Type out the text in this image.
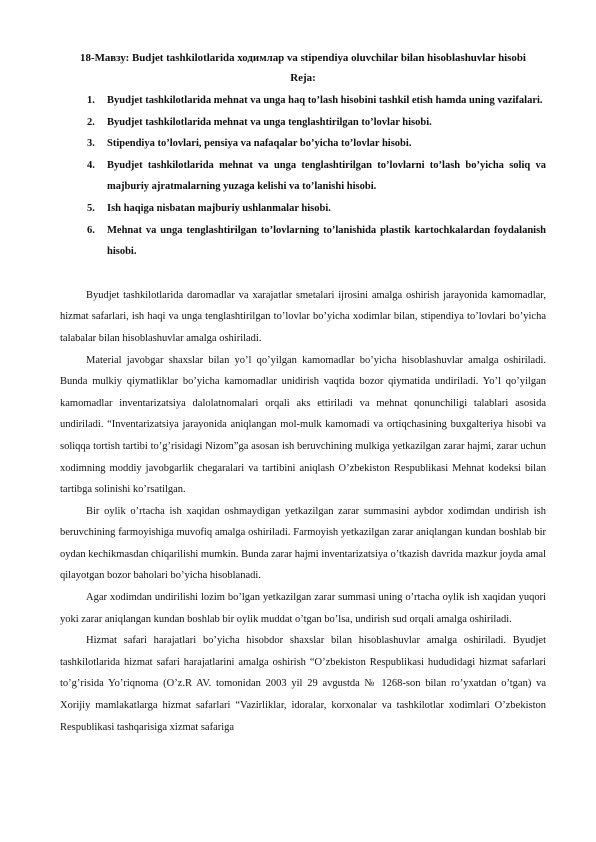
18-Мавзу: Budjet tashkilotlarida ходимлар va stipendiya oluvchilar bilan hisoblashuvlar hisobi

Reja:

1. Byudjet tashkilotlarida mehnat va unga haq to’lash hisobini tashkil etish hamda uning vazifalari.
2. Byudjet tashkilotlarida mehnat va unga tenglashtirilgan to’lovlar hisobi.
3. Stipendiya to’lovlari, pensiya va nafaqalar bo’yicha to’lovlar hisobi.
4. Byudjet tashkilotlarida mehnat va unga tenglashtirilgan to’lovlarni to’lash bo’yicha soliq va majburiy ajratmalarning yuzaga kelishi va to’lanishi hisobi.
5. Ish haqiga nisbatan majburiy ushlanmalar hisobi.
6. Mehnat va unga tenglashtirilgan to’lovlarning to’lanishida plastik kartochkalardan foydalanish hisobi.

Byudjet tashkilotlarida daromadlar va xarajatlar smetalari ijrosini amalga oshirish jarayonida kamomadlar, hizmat safarlari, ish haqi va unga tenglashtirilgan to’lovlar bo’yicha xodimlar bilan, stipendiya to’lovlari bo’yicha talabalar bilan hisoblashuvlar amalga oshiriladi.

Material javobgar shaxslar bilan yo’l qo’yilgan kamomadlar bo’yicha hisoblashuvlar amalga oshiriladi. Bunda mulkiy qiymatliklar bo’yicha kamomadlar unidirish vaqtida bozor qiymatida undiriladi. Yo’l qo’yilgan kamomadlar inventarizatsiya dalolatnomalari orqali aks ettiriladi va mehnat qonunchiligi talablari asosida undiriladi. “Inventarizatsiya jarayonida aniqlangan mol-mulk kamomadi va ortiqchasining buxgalteriya hisobi va soliqqa tortish tartibi to’g’risidagi Nizom”ga asosan ish beruvchining mulkiga yetkazilgan zarar hajmi, zarar uchun xodimning moddiy javobgarlik chegaralari va tartibini aniqlash O’zbekiston Respublikasi Mehnat kodeksi bilan tartibga solinishi ko’rsatilgan.

Bir oylik o’rtacha ish xaqidan oshmaydigan yetkazilgan zarar summasini aybdor xodimdan undirish ish beruvchining farmoyishiga muvofiq amalga oshiriladi. Farmoyish yetkazilgan zarar aniqlangan kundan boshlab bir oydan kechikmasdan chiqarilishi mumkin. Bunda zarar hajmi inventarizatsiya o’tkazish davrida mazkur joyda amal qilayotgan bozor baholari bo’yicha hisoblanadi.

Agar xodimdan undirilishi lozim bo’lgan yetkazilgan zarar summasi uning o’rtacha oylik ish xaqidan yuqori yoki zarar aniqlangan kundan boshlab bir oylik muddat o’tgan bo’lsa, undirish sud orqali amalga oshiriladi.

Hizmat safari harajatlari bo’yicha hisobdor shaxslar bilan hisoblashuvlar amalga oshiriladi. Byudjet tashkilotlarida hizmat safari harajatlarini amalga oshirish “O’zbekiston Respublikasi hududidagi hizmat safarlari to’g’risida Yo’riqnoma (O’z.R AV. tomonidan 2003 yil 29 avgustda № 1268-son bilan ro’yxatdan o’tgan) va Xorijiy mamlakatlarga hizmat safarlari “Vazirliklar, idoralar, korxonalar va tashkilotlar xodimlari O’zbekiston Respublikasi tashqarisiga xizmat safariga
